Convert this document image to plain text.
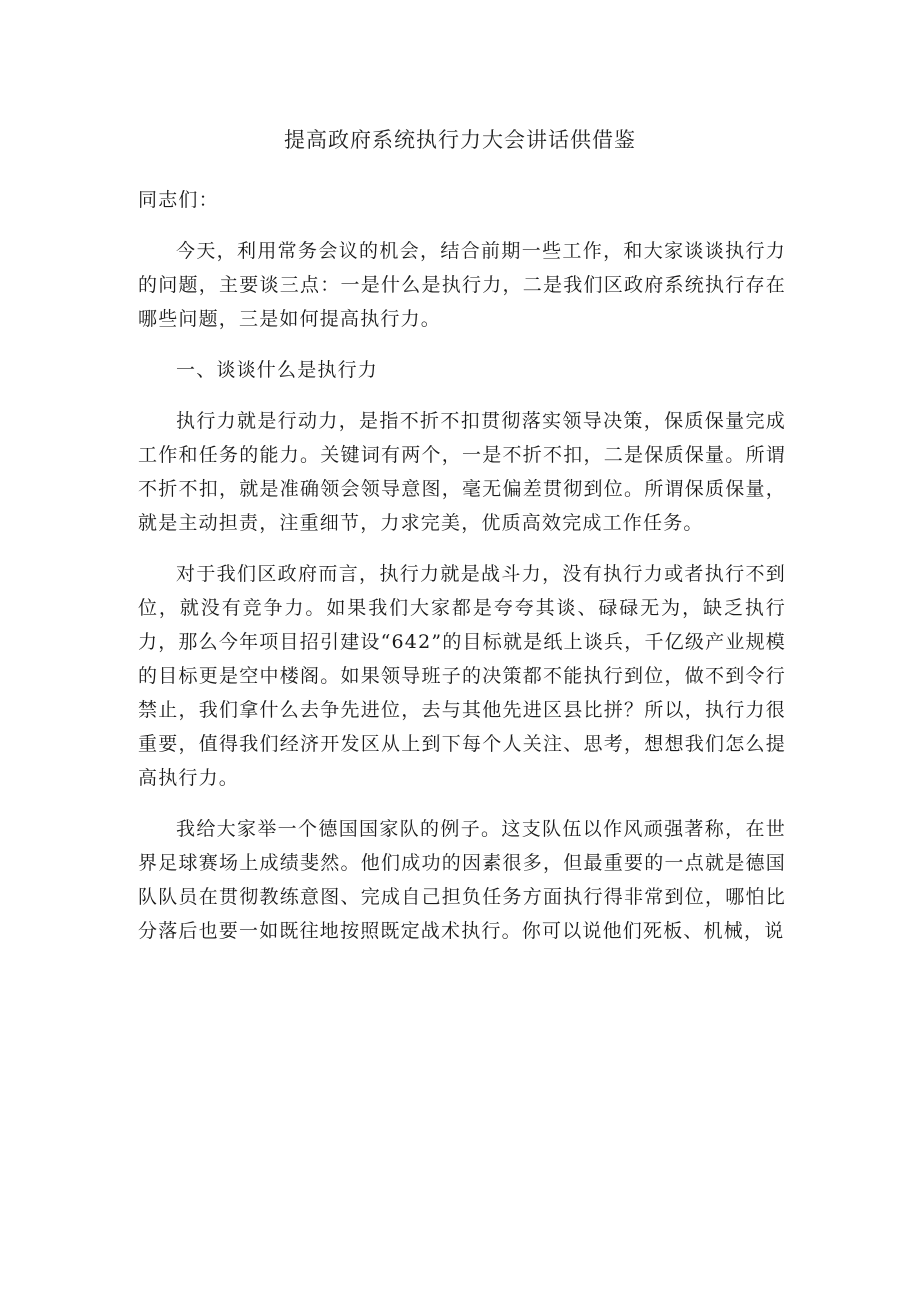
提高政府系统执行力大会讲话供借鉴

同志们：

今天，利用常务会议的机会，结合前期一些工作，和大家谈谈执行力的问题，主要谈三点：一是什么是执行力，二是我们区政府系统执行存在哪些问题，三是如何提高执行力。

一、谈谈什么是执行力

执行力就是行动力，是指不折不扣贯彻落实领导决策，保质保量完成工作和任务的能力。关键词有两个，一是不折不扣，二是保质保量。所谓不折不扣，就是准确领会领导意图，毫无偏差贯彻到位。所谓保质保量，就是主动担责，注重细节，力求完美，优质高效完成工作任务。

对于我们区政府而言，执行力就是战斗力，没有执行力或者执行不到位，就没有竞争力。如果我们大家都是夸夸其谈、碌碌无为，缺乏执行力，那么今年项目招引建设“642”的目标就是纸上谈兵，千亿级产业规模的目标更是空中楼阁。如果领导班子的决策都不能执行到位，做不到令行禁止，我们拿什么去争先进位，去与其他先进区县比拼？所以，执行力很重要，值得我们经济开发区从上到下每个人关注、思考，想想我们怎么提高执行力。

我给大家举一个德国国家队的例子。这支队伍以作风顽强著称，在世界足球赛场上成绩斐然。他们成功的因素很多，但最重要的一点就是德国队队员在贯彻教练意图、完成自己担负任务方面执行得非常到位，哪怕比分落后也要一如既往地按照既定战术执行。你可以说他们死板、机械，说
